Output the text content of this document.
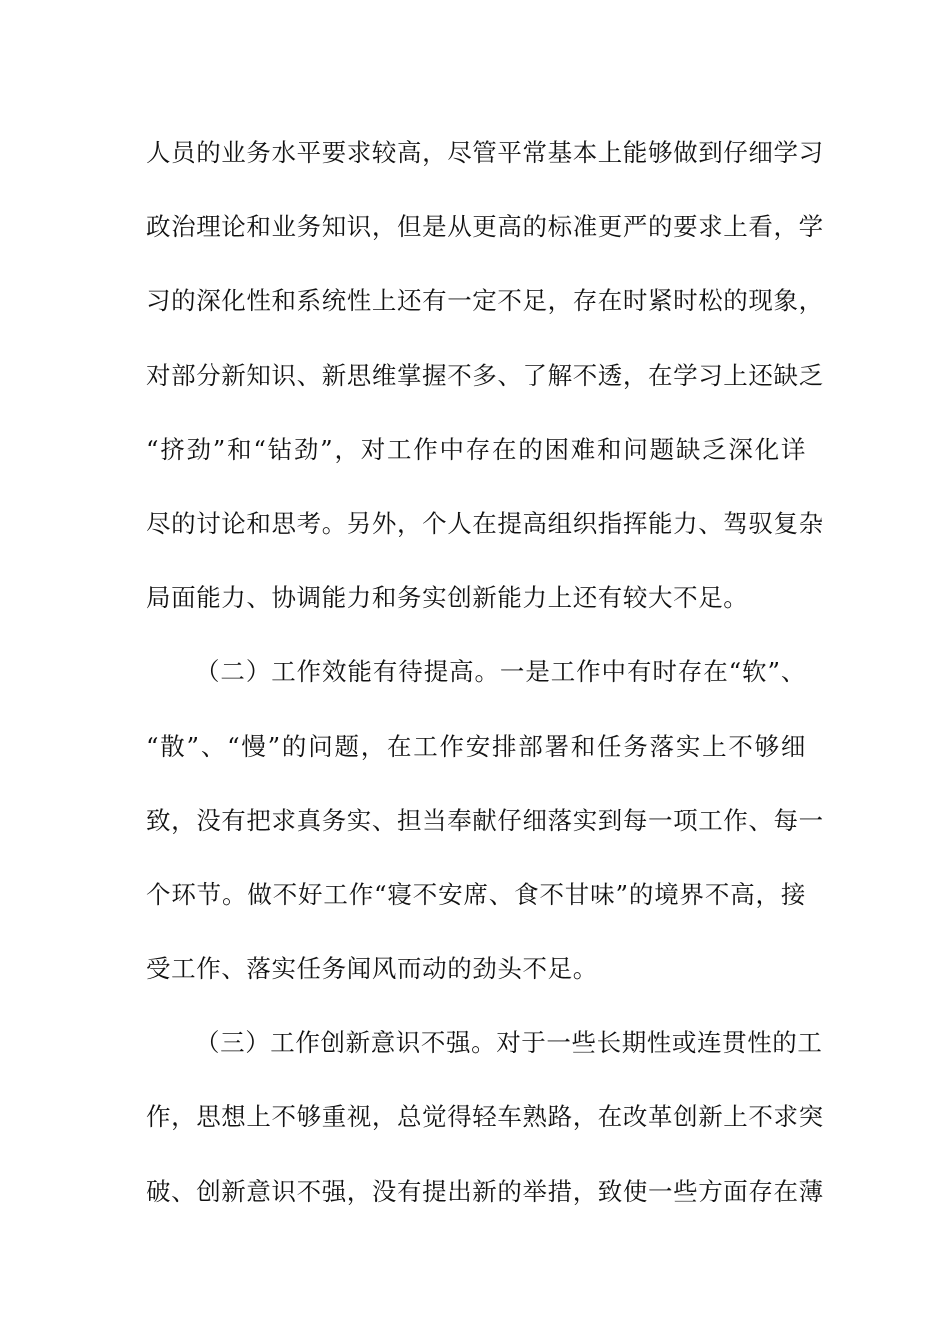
人员的业务水平要求较高，尽管平常基本上能够做到仔细学习
政治理论和业务知识，但是从更高的标准更严的要求上看，学
习的深化性和系统性上还有一定不足，存在时紧时松的现象，
对部分新知识、新思维掌握不多、了解不透，在学习上还缺乏
“挤劲”和“钻劲”，对工作中存在的困难和问题缺乏深化详
尽的讨论和思考。另外，个人在提高组织指挥能力、驾驭复杂
局面能力、协调能力和务实创新能力上还有较大不足。
（二）工作效能有待提高。一是工作中有时存在“软”、
“散”、“慢”的问题，在工作安排部署和任务落实上不够细
致，没有把求真务实、担当奉献仔细落实到每一项工作、每一
个环节。做不好工作“寝不安席、食不甘味”的境界不高，接
受工作、落实任务闻风而动的劲头不足。
（三）工作创新意识不强。对于一些长期性或连贯性的工
作，思想上不够重视，总觉得轻车熟路，在改革创新上不求突
破、创新意识不强，没有提出新的举措，致使一些方面存在薄
